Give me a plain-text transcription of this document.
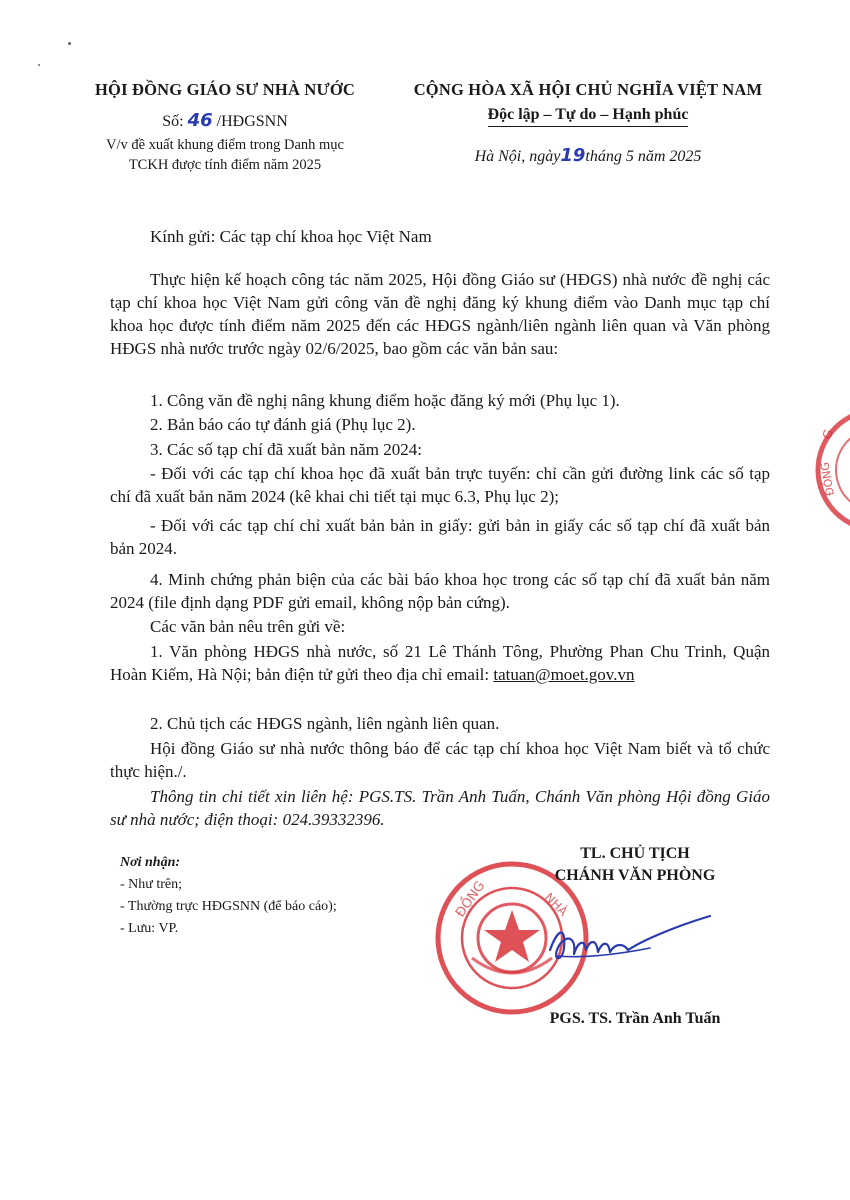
HỘI ĐỒNG GIÁO SƯ NHÀ NƯỚC
Số: 46 /HĐGSNN
V/v đề xuất khung điểm trong Danh mục
TCKH được tính điểm năm 2025
CỘNG HÒA XÃ HỘI CHỦ NGHĨA VIỆT NAM
Độc lập – Tự do – Hạnh phúc
Hà Nội, ngày19tháng 5 năm 2025
Kính gửi: Các tạp chí khoa học Việt Nam
Thực hiện kế hoạch công tác năm 2025, Hội đồng Giáo sư (HĐGS) nhà nước đề nghị các tạp chí khoa học Việt Nam gửi công văn đề nghị đăng ký khung điểm vào Danh mục tạp chí khoa học được tính điểm năm 2025 đến các HĐGS ngành/liên ngành liên quan và Văn phòng HĐGS nhà nước trước ngày 02/6/2025, bao gồm các văn bản sau:
1. Công văn đề nghị nâng khung điểm hoặc đăng ký mới (Phụ lục 1).
2. Bản báo cáo tự đánh giá (Phụ lục 2).
3. Các số tạp chí đã xuất bản năm 2024:
- Đối với các tạp chí khoa học đã xuất bản trực tuyến: chỉ cần gửi đường link các số tạp chí đã xuất bản năm 2024 (kê khai chi tiết tại mục 6.3, Phụ lục 2);
- Đối với các tạp chí chỉ xuất bản bản in giấy: gửi bản in giấy các số tạp chí đã xuất bản bản 2024.
4. Minh chứng phản biện của các bài báo khoa học trong các số tạp chí đã xuất bản năm 2024 (file định dạng PDF gửi email, không nộp bản cứng).
Các văn bản nêu trên gửi về:
1. Văn phòng HĐGS nhà nước, số 21 Lê Thánh Tông, Phường Phan Chu Trinh, Quận Hoàn Kiếm, Hà Nội; bản điện tử gửi theo địa chỉ email: tatuan@moet.gov.vn
2. Chủ tịch các HĐGS ngành, liên ngành liên quan.
Hội đồng Giáo sư nhà nước thông báo để các tạp chí khoa học Việt Nam biết và tổ chức thực hiện./.
Thông tin chi tiết xin liên hệ: PGS.TS. Trần Anh Tuấn, Chánh Văn phòng Hội đồng Giáo sư nhà nước; điện thoại: 024.39332396.
Nơi nhận:
- Như trên;
- Thường trực HĐGSNN (để báo cáo);
- Lưu: VP.
ĐỒNG	NHÀ
G
ĐỒNG
TL. CHỦ TỊCH
CHÁNH VĂN PHÒNG
PGS. TS. Trần Anh Tuấn
